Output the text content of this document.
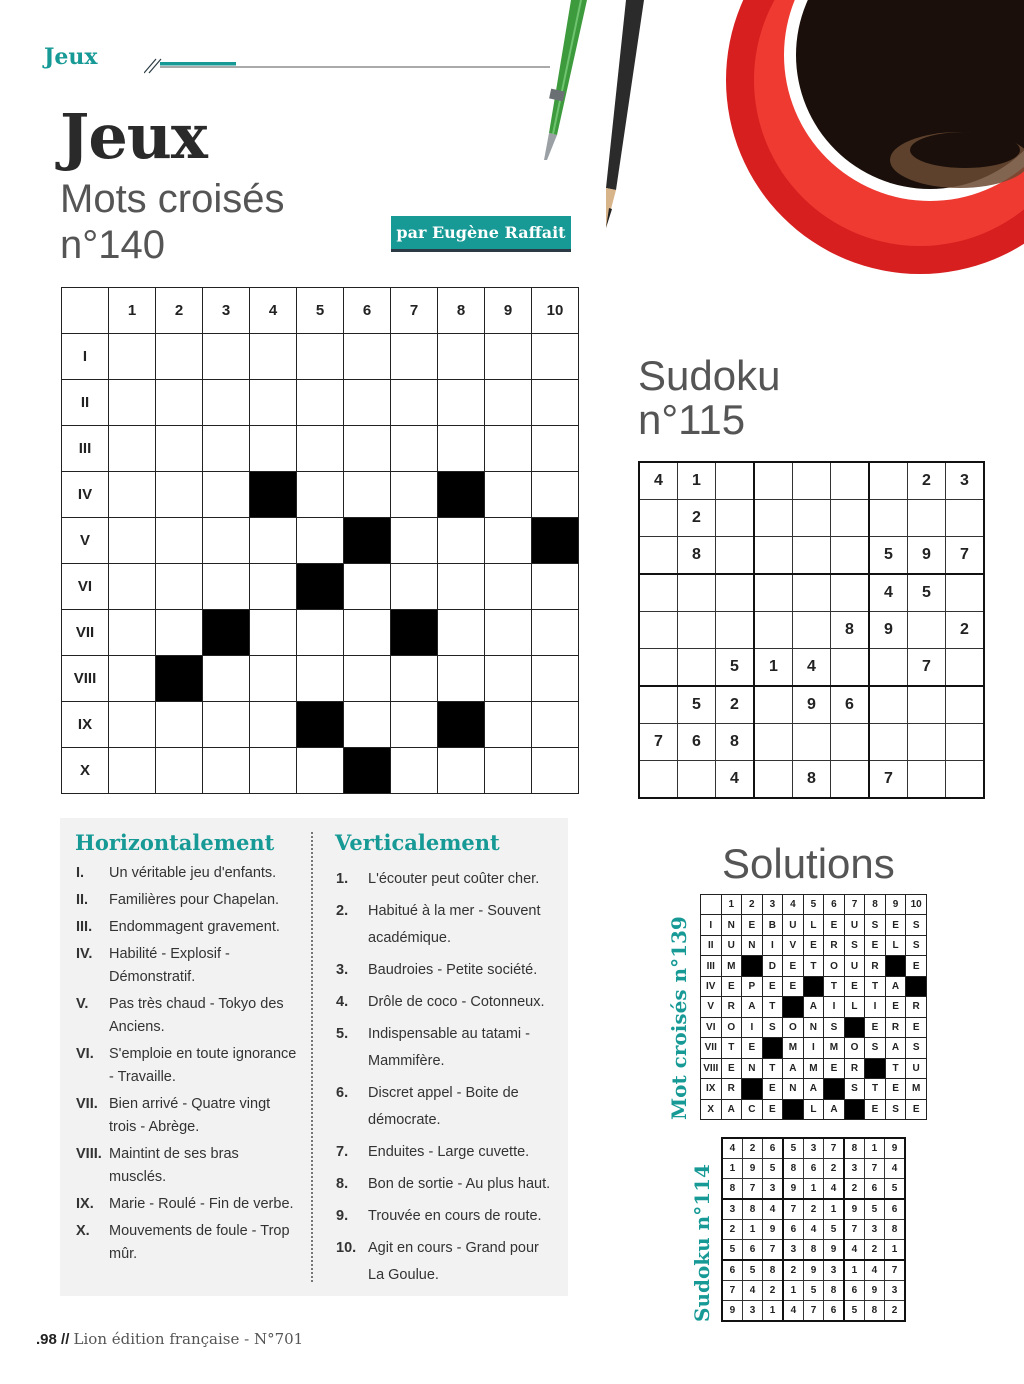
Jeux
Jeux
Mots croisés
n°140	par Eugène Raffait
	1	2	3	4	5	6	7	8	9	10
I										
II										
III										
IV										
V										
VI										
VII										
VIII										
IX										
X										
Sudoku
n°115
4	1						2	3
	2							
	8					5	9	7
						4	5	
					8	9		2
		5	1	4			7	
	5	2		9	6			
7	6	8						
		4		8		7		
Horizontalement	Verticalement
I.	Un véritable jeu d'enfants.
II.	Familières pour Chapelan.
III.	Endommagent gravement.
IV.	Habilité - Explosif - Démonstratif.
V.	Pas très chaud - Tokyo des Anciens.
VI.	S'emploie en toute ignorance - Travaille.
VII. Bien arrivé - Quatre vingt trois - Abrège.
VIII. Maintint de ses bras musclés.
IX.	Marie - Roulé - Fin de verbe.
X.	Mouvements de foule - Trop mûr.
1.	L'écouter peut coûter cher.
2.	Habitué à la mer - Souvent académique.
3.	Baudroies - Petite société.
4.	Drôle de coco - Cotonneux.
5.	Indispensable au tatami - Mammifère.
6.	Discret appel - Boite de démocrate.
7.	Enduites - Large cuvette.
8.	Bon de sortie - Au plus haut.
9.	Trouvée en cours de route.
10. Agit en cours - Grand pour La Goulue.
Solutions
Mot croisés n°139
Sudoku n°114
	1	2	3	4	5	6	7	8	9	10
I	N	E	B	U	L	E	U	S	E	S
II	U	N	I	V	E	R	S	E	L	S
III	M		D	E	T	O	U	R		E
IV	E	P	E	E		T	E	T	A	
V	R	A	T		A	I	L	I	E	R
VI	O	I	S	O	N	S		E	R	E
VII	T	E		M	I	M	O	S	A	S
VIII	E	N	T	A	M	E	R		T	U
IX	R		E	N	A		S	T	E	M
X	A	C	E		L	A		E	S	E
4	2	6	5	3	7	8	1	9
1	9	5	8	6	2	3	7	4
8	7	3	9	1	4	2	6	5
3	8	4	7	2	1	9	5	6
2	1	9	6	4	5	7	3	8
5	6	7	3	8	9	4	2	1
6	5	8	2	9	3	1	4	7
7	4	2	1	5	8	6	9	3
9	3	1	4	7	6	5	8	2
.98 // Lion édition française - N°701
